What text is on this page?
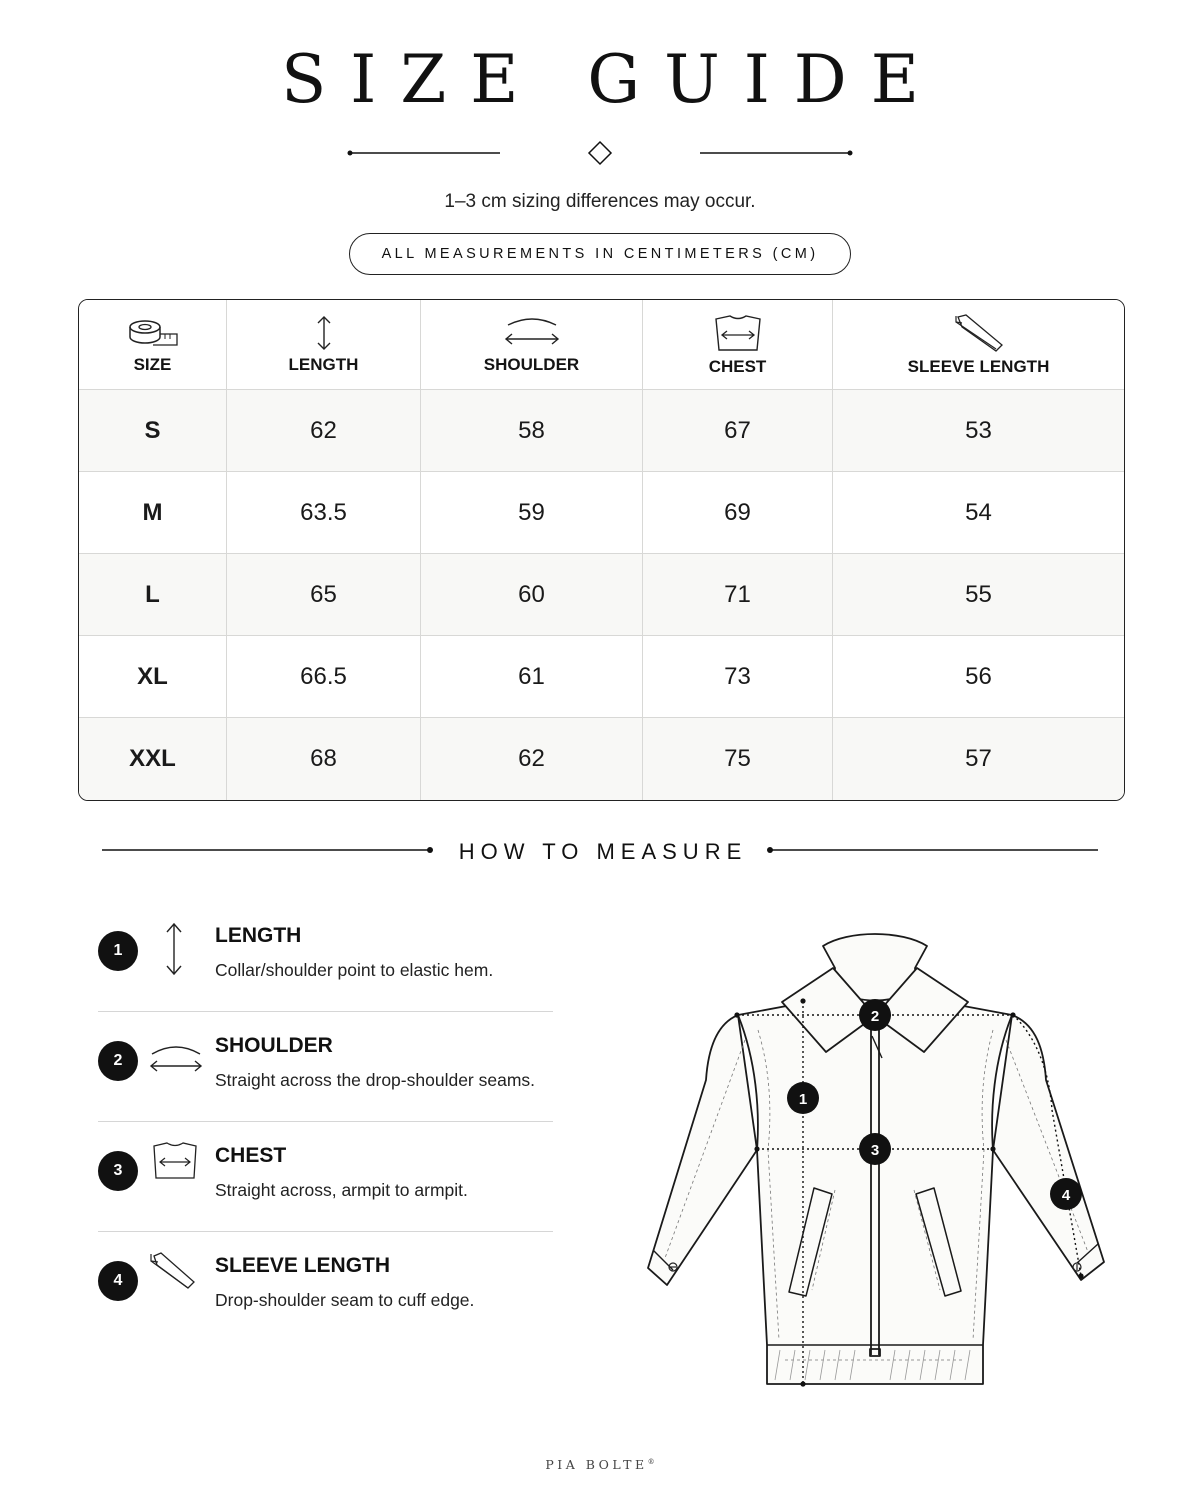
SIZE GUIDE
1–3 cm sizing differences may occur.
ALL MEASUREMENTS IN CENTIMETERS (CM)
SIZE	LENGTH	SHOULDER	CHEST	SLEEVE LENGTH

S	62	58	67	53
M	63.5	59	69	54
L	65	60	71	55
XL	66.5	61	73	56
XXL	68	62	75	57
HOW TO MEASURE
1
LENGTH
Collar/shoulder point to elastic hem.
2
SHOULDER
Straight across the drop-shoulder seams.
3
CHEST
Straight across, armpit to armpit.
4
SLEEVE LENGTH
Drop-shoulder seam to cuff edge.
1
2
3
4
PIA BOLTE®
